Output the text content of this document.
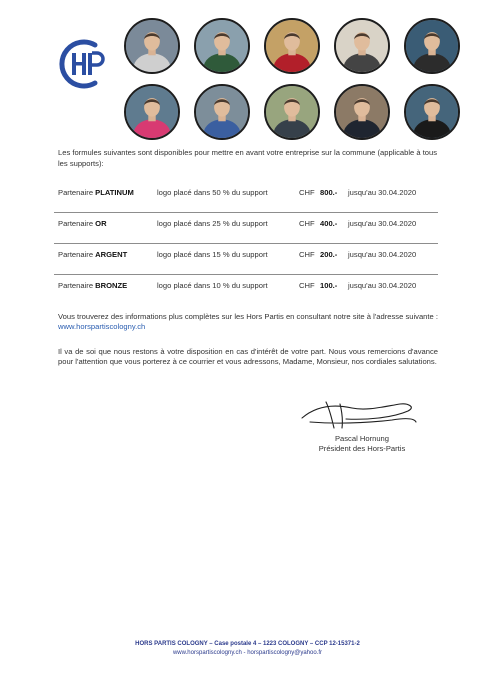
Les formules suivantes sont disponibles pour mettre en avant votre entreprise sur la commune (applicable à tous les supports):
Partenaire PLATINUM	logo placé dans 50 % du support	CHF 800.- jusqu'au 30.04.2020
Partenaire OR	logo placé dans 25 % du support	CHF 400.- jusqu'au 30.04.2020
Partenaire ARGENT	logo placé dans 15 % du support	CHF 200.- jusqu'au 30.04.2020
Partenaire BRONZE	logo placé dans 10 % du support	CHF 100.- jusqu'au 30.04.2020
Vous trouverez des informations plus complètes sur les Hors Partis en consultant notre site à l'adresse suivante : www.horspartiscologny.ch
Il va de soi que nous restons à votre disposition en cas d'intérêt de votre part. Nous vous remercions d'avance pour l'attention que vous porterez à ce courrier et vous adressons, Madame, Monsieur, nos cordiales salutations.
Pascal Hornung
Président des Hors-Partis
HORS PARTIS COLOGNY – Case postale 4 – 1223 COLOGNY – CCP 12-15371-2
www.horspartiscologny.ch - horspartiscologny@yahoo.fr
